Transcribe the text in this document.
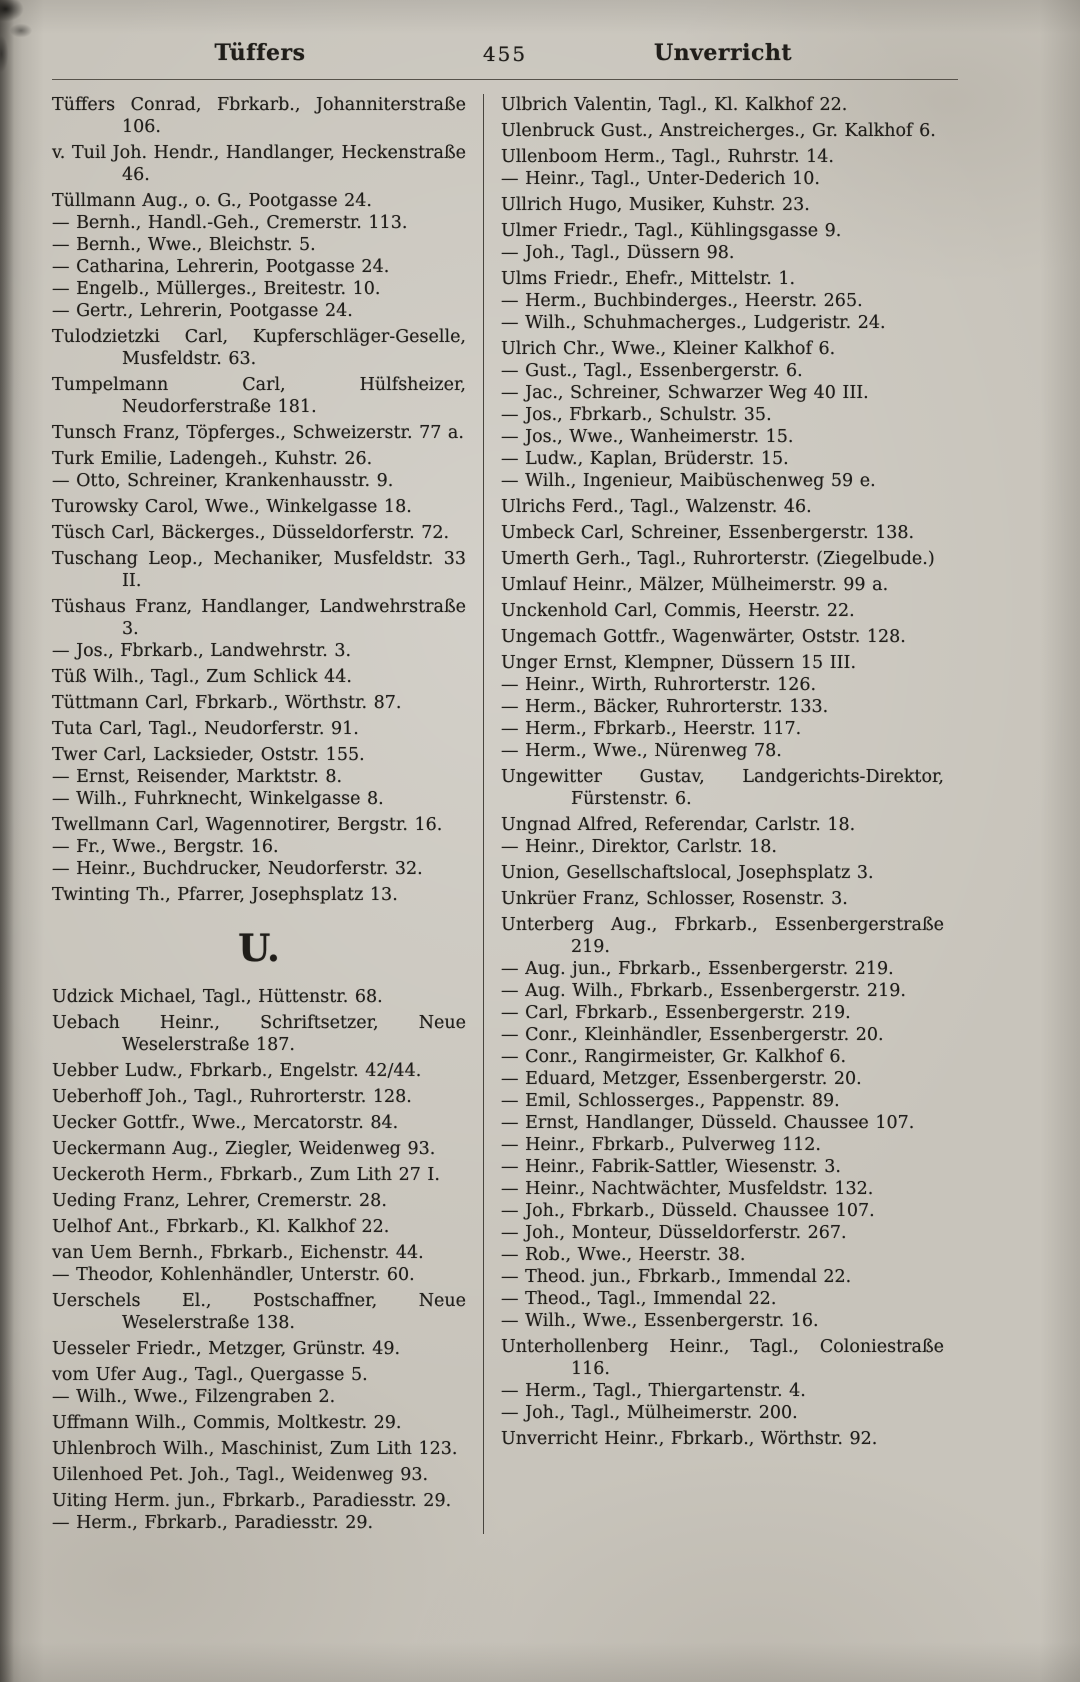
Tüffers	455	Unverricht
Tüffers Conrad, Fbrkarb., Johanniterstraße 106.
v. Tuil Joh. Hendr., Handlanger, Heckenstraße 46.
Tüllmann Aug., o. G., Pootgasse 24.
— Bernh., Handl.-Geh., Cremerstr. 113.
— Bernh., Wwe., Bleichstr. 5.
— Catharina, Lehrerin, Pootgasse 24.
— Engelb., Müllerges., Breitestr. 10.
— Gertr., Lehrerin, Pootgasse 24.
Tulodzietzki Carl, Kupferschläger-Geselle, Musfeldstr. 63.
Tumpelmann Carl, Hülfsheizer, Neudorferstraße 181.
Tunsch Franz, Töpferges., Schweizerstr. 77 a.
Turk Emilie, Ladengeh., Kuhstr. 26.
— Otto, Schreiner, Krankenhausstr. 9.
Turowsky Carol, Wwe., Winkelgasse 18.
Tüsch Carl, Bäckerges., Düsseldorferstr. 72.
Tuschang Leop., Mechaniker, Musfeldstr. 33 II.
Tüshaus Franz, Handlanger, Landwehrstraße 3.
— Jos., Fbrkarb., Landwehrstr. 3.
Tüß Wilh., Tagl., Zum Schlick 44.
Tüttmann Carl, Fbrkarb., Wörthstr. 87.
Tuta Carl, Tagl., Neudorferstr. 91.
Twer Carl, Lacksieder, Oststr. 155.
— Ernst, Reisender, Marktstr. 8.
— Wilh., Fuhrknecht, Winkelgasse 8.
Twellmann Carl, Wagennotirer, Bergstr. 16.
— Fr., Wwe., Bergstr. 16.
— Heinr., Buchdrucker, Neudorferstr. 32.
Twinting Th., Pfarrer, Josephsplatz 13.
U.
Udzick Michael, Tagl., Hüttenstr. 68.
Uebach Heinr., Schriftsetzer, Neue Weselerstraße 187.
Uebber Ludw., Fbrkarb., Engelstr. 42/44.
Ueberhoff Joh., Tagl., Ruhrorterstr. 128.
Uecker Gottfr., Wwe., Mercatorstr. 84.
Ueckermann Aug., Ziegler, Weidenweg 93.
Ueckeroth Herm., Fbrkarb., Zum Lith 27 I.
Ueding Franz, Lehrer, Cremerstr. 28.
Uelhof Ant., Fbrkarb., Kl. Kalkhof 22.
van Uem Bernh., Fbrkarb., Eichenstr. 44.
— Theodor, Kohlenhändler, Unterstr. 60.
Uerschels El., Postschaffner, Neue Weselerstraße 138.
Uesseler Friedr., Metzger, Grünstr. 49.
vom Ufer Aug., Tagl., Quergasse 5.
— Wilh., Wwe., Filzengraben 2.
Uffmann Wilh., Commis, Moltkestr. 29.
Uhlenbroch Wilh., Maschinist, Zum Lith 123.
Uilenhoed Pet. Joh., Tagl., Weidenweg 93.
Uiting Herm. jun., Fbrkarb., Paradiesstr. 29.
— Herm., Fbrkarb., Paradiesstr. 29.
Ulbrich Valentin, Tagl., Kl. Kalkhof 22.
Ulenbruck Gust., Anstreicherges., Gr. Kalkhof 6.
Ullenboom Herm., Tagl., Ruhrstr. 14.
— Heinr., Tagl., Unter-Dederich 10.
Ullrich Hugo, Musiker, Kuhstr. 23.
Ulmer Friedr., Tagl., Kühlingsgasse 9.
— Joh., Tagl., Düssern 98.
Ulms Friedr., Ehefr., Mittelstr. 1.
— Herm., Buchbinderges., Heerstr. 265.
— Wilh., Schuhmacherges., Ludgeristr. 24.
Ulrich Chr., Wwe., Kleiner Kalkhof 6.
— Gust., Tagl., Essenbergerstr. 6.
— Jac., Schreiner, Schwarzer Weg 40 III.
— Jos., Fbrkarb., Schulstr. 35.
— Jos., Wwe., Wanheimerstr. 15.
— Ludw., Kaplan, Brüderstr. 15.
— Wilh., Ingenieur, Maibüschenweg 59 e.
Ulrichs Ferd., Tagl., Walzenstr. 46.
Umbeck Carl, Schreiner, Essenbergerstr. 138.
Umerth Gerh., Tagl., Ruhrorterstr. (Ziegelbude.)
Umlauf Heinr., Mälzer, Mülheimerstr. 99 a.
Unckenhold Carl, Commis, Heerstr. 22.
Ungemach Gottfr., Wagenwärter, Oststr. 128.
Unger Ernst, Klempner, Düssern 15 III.
— Heinr., Wirth, Ruhrorterstr. 126.
— Herm., Bäcker, Ruhrorterstr. 133.
— Herm., Fbrkarb., Heerstr. 117.
— Herm., Wwe., Nürenweg 78.
Ungewitter Gustav, Landgerichts-Direktor, Fürstenstr. 6.
Ungnad Alfred, Referendar, Carlstr. 18.
— Heinr., Direktor, Carlstr. 18.
Union, Gesellschaftslocal, Josephsplatz 3.
Unkrüer Franz, Schlosser, Rosenstr. 3.
Unterberg Aug., Fbrkarb., Essenbergerstraße 219.
— Aug. jun., Fbrkarb., Essenbergerstr. 219.
— Aug. Wilh., Fbrkarb., Essenbergerstr. 219.
— Carl, Fbrkarb., Essenbergerstr. 219.
— Conr., Kleinhändler, Essenbergerstr. 20.
— Conr., Rangirmeister, Gr. Kalkhof 6.
— Eduard, Metzger, Essenbergerstr. 20.
— Emil, Schlosserges., Pappenstr. 89.
— Ernst, Handlanger, Düsseld. Chaussee 107.
— Heinr., Fbrkarb., Pulverweg 112.
— Heinr., Fabrik-Sattler, Wiesenstr. 3.
— Heinr., Nachtwächter, Musfeldstr. 132.
— Joh., Fbrkarb., Düsseld. Chaussee 107.
— Joh., Monteur, Düsseldorferstr. 267.
— Rob., Wwe., Heerstr. 38.
— Theod. jun., Fbrkarb., Immendal 22.
— Theod., Tagl., Immendal 22.
— Wilh., Wwe., Essenbergerstr. 16.
Unterhollenberg Heinr., Tagl., Coloniestraße 116.
— Herm., Tagl., Thiergartenstr. 4.
— Joh., Tagl., Mülheimerstr. 200.
Unverricht Heinr., Fbrkarb., Wörthstr. 92.
